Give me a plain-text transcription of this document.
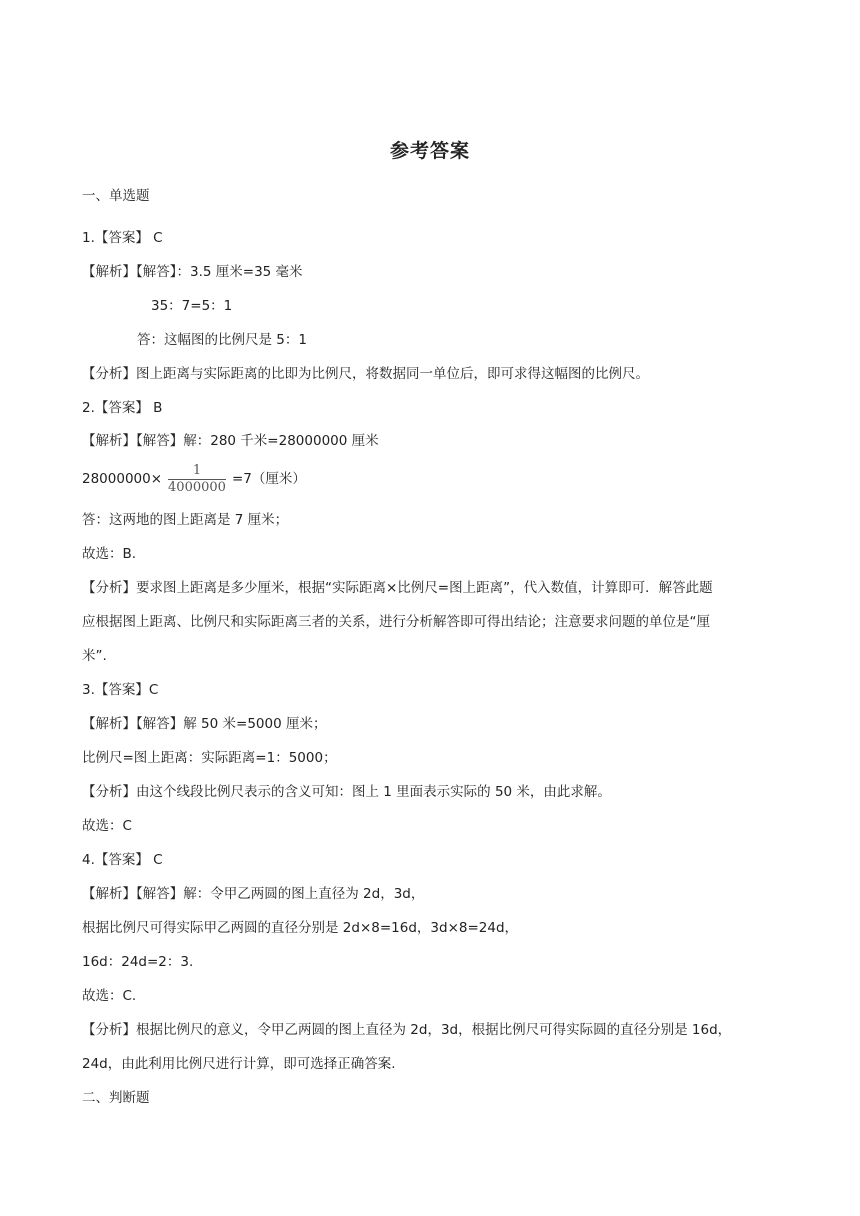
参考答案
一、单选题
1.【答案】 C
【解析】【解答】：3.5 厘米=35 毫米
35：7=5：1
答：这幅图的比例尺是 5：1
【分析】图上距离与实际距离的比即为比例尺，将数据同一单位后，即可求得这幅图的比例尺。
2.【答案】 B
【解析】【解答】解：280 千米=28000000 厘米
$28000000\times \frac{1}{4000000} =7$（厘米）
答：这两地的图上距离是 7 厘米；
故选：B.
【分析】要求图上距离是多少厘米，根据“实际距离×比例尺=图上距离”，代入数值，计算即可．解答此题
应根据图上距离、比例尺和实际距离三者的关系，进行分析解答即可得出结论；注意要求问题的单位是“厘
米”.
3.【答案】C
【解析】【解答】解 50 米=5000 厘米；
比例尺=图上距离：实际距离=1：5000；
【分析】由这个线段比例尺表示的含义可知：图上 1 里面表示实际的 50 米，由此求解。
故选：C
4.【答案】 C
【解析】【解答】解：令甲乙两圆的图上直径为 2d，3d，
根据比例尺可得实际甲乙两圆的直径分别是 2d×8=16d，3d×8=24d，
16d：24d=2：3.
故选：C.
【分析】根据比例尺的意义，令甲乙两圆的图上直径为 2d，3d，根据比例尺可得实际圆的直径分别是 16d，
24d，由此利用比例尺进行计算，即可选择正确答案.
二、判断题
